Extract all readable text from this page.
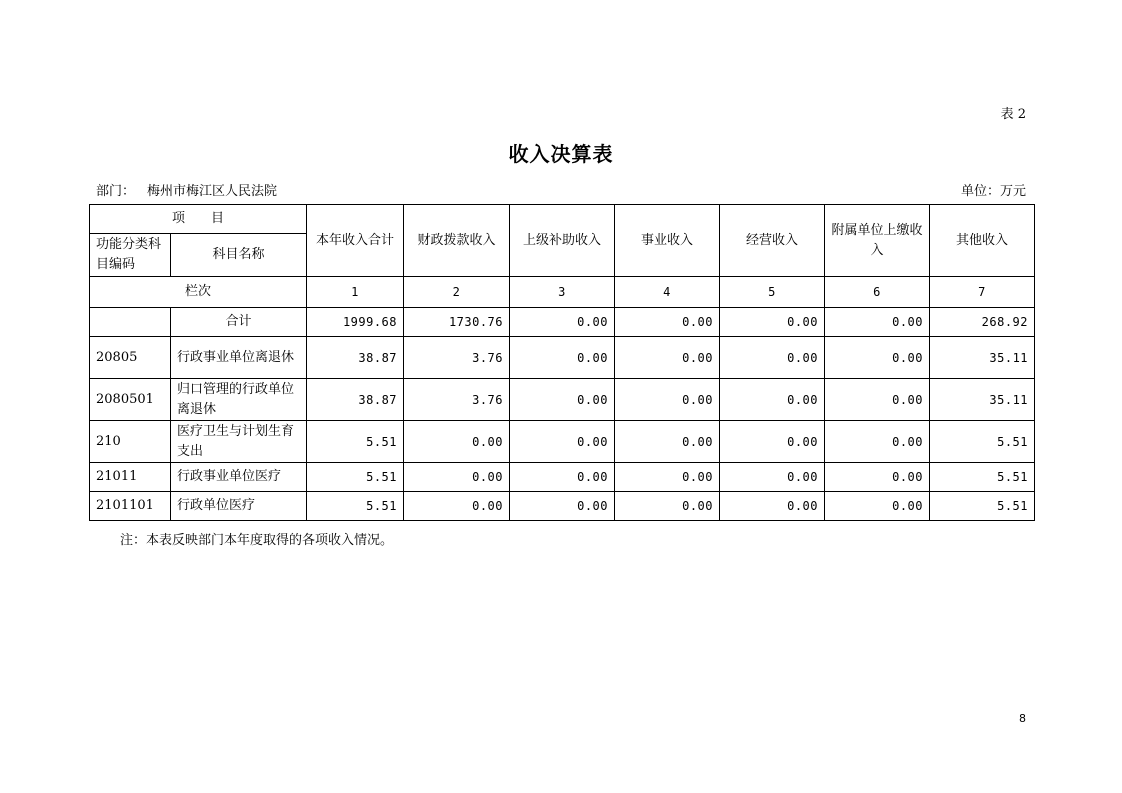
表 2
收入决算表
部门： 梅州市梅江区人民法院	单位：万元
项　　目		本年收入合计	财政拨款收入	上级补助收入	事业收入	经营收入	附属单位上缴收入	其他收入
功能分类科目编码	科目名称							
栏次		1	2	3	4	5	6	7
	合计	1999.68	1730.76	0.00	0.00	0.00	0.00	268.92
20805	行政事业单位离退休	38.87	3.76	0.00	0.00	0.00	0.00	35.11
2080501	归口管理的行政单位离退休	38.87	3.76	0.00	0.00	0.00	0.00	35.11
210	医疗卫生与计划生育支出	5.51	0.00	0.00	0.00	0.00	0.00	5.51
21011	行政事业单位医疗	5.51	0.00	0.00	0.00	0.00	0.00	5.51
2101101	行政单位医疗	5.51	0.00	0.00	0.00	0.00	0.00	5.51
注：本表反映部门本年度取得的各项收入情况。
8
